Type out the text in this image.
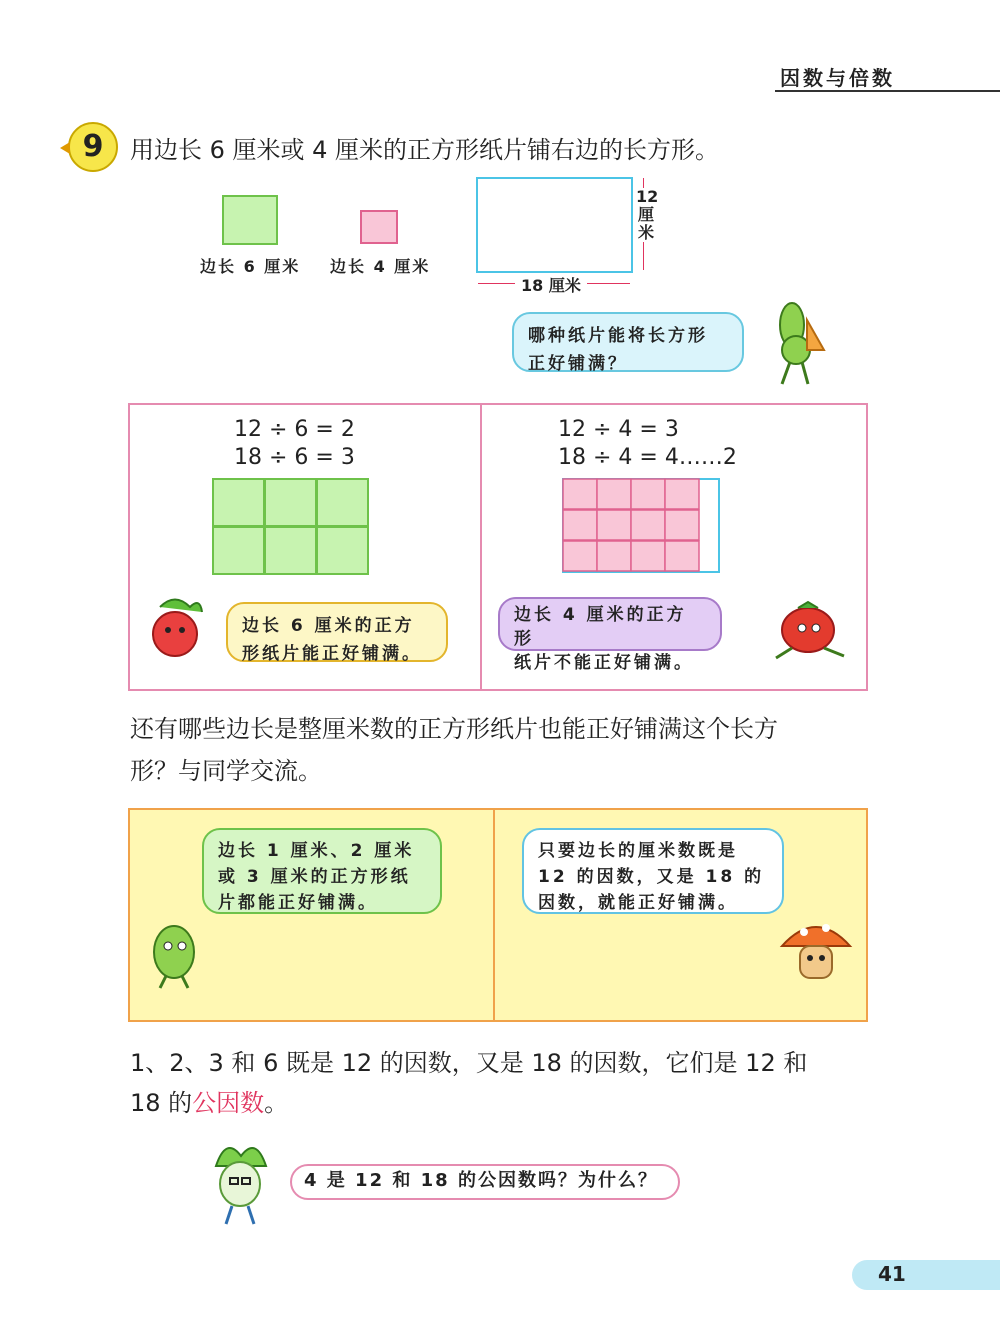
因数与倍数
9	用边长 6 厘米或 4 厘米的正方形纸片铺右边的长方形。
边长 6 厘米 边长 4 厘米
18 厘米
12 厘米
哪种纸片能将长方形
正好铺满？
12 ÷ 6 = 2
18 ÷ 6 = 3
12 ÷ 4 = 3
18 ÷ 4 = 4……2
边长 6 厘米的正方
形纸片能正好铺满。
边长 4 厘米的正方形
纸片不能正好铺满。
还有哪些边长是整厘米数的正方形纸片也能正好铺满这个长方
形？与同学交流。
边长 1 厘米、2 厘米
或 3 厘米的正方形纸
片都能正好铺满。
只要边长的厘米数既是
12 的因数，又是 18 的
因数，就能正好铺满。
1、2、3 和 6 既是 12 的因数，又是 18 的因数，它们是 12 和
18 的公因数。
4 是 12 和 18 的公因数吗？为什么？
41
